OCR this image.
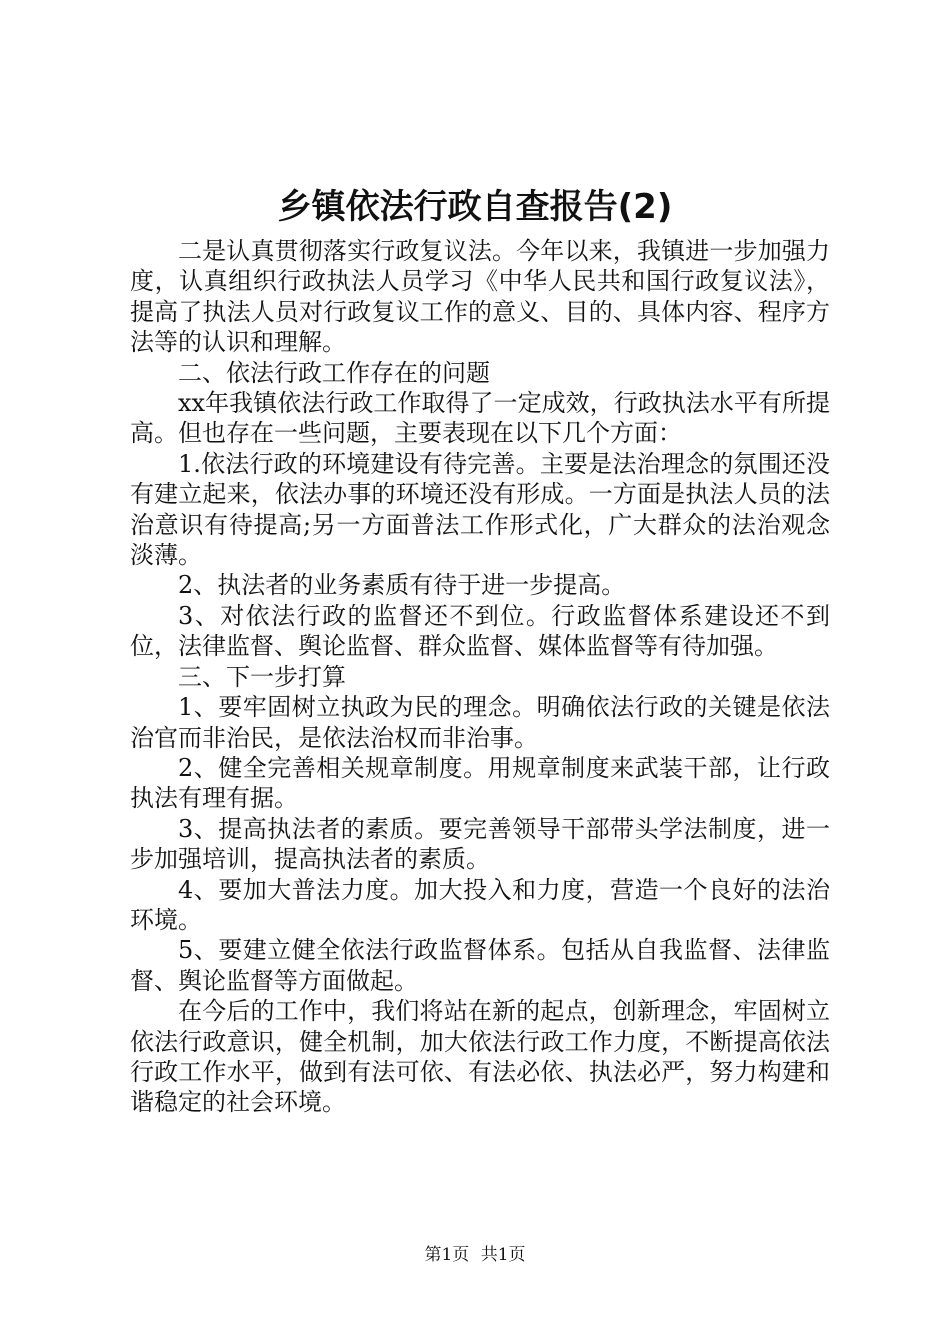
乡镇依法行政自查报告(2)

二是认真贯彻落实行政复议法。今年以来，我镇进一步加强力度，认真组织行政执法人员学习《中华人民共和国行政复议法》，提高了执法人员对行政复议工作的意义、目的、具体内容、程序方法等的认识和理解。

二、依法行政工作存在的问题

xx年我镇依法行政工作取得了一定成效，行政执法水平有所提高。但也存在一些问题，主要表现在以下几个方面：

1.依法行政的环境建设有待完善。主要是法治理念的氛围还没有建立起来，依法办事的环境还没有形成。一方面是执法人员的法治意识有待提高;另一方面普法工作形式化，广大群众的法治观念淡薄。

2、执法者的业务素质有待于进一步提高。

3、对依法行政的监督还不到位。行政监督体系建设还不到位，法律监督、舆论监督、群众监督、媒体监督等有待加强。

三、下一步打算

1、要牢固树立执政为民的理念。明确依法行政的关键是依法治官而非治民，是依法治权而非治事。

2、健全完善相关规章制度。用规章制度来武装干部，让行政执法有理有据。

3、提高执法者的素质。要完善领导干部带头学法制度，进一步加强培训，提高执法者的素质。

4、要加大普法力度。加大投入和力度，营造一个良好的法治环境。

5、要建立健全依法行政监督体系。包括从自我监督、法律监督、舆论监督等方面做起。

在今后的工作中，我们将站在新的起点，创新理念，牢固树立依法行政意识，健全机制，加大依法行政工作力度，不断提高依法行政工作水平，做到有法可依、有法必依、执法必严，努力构建和谐稳定的社会环境。

第1页 共1页
